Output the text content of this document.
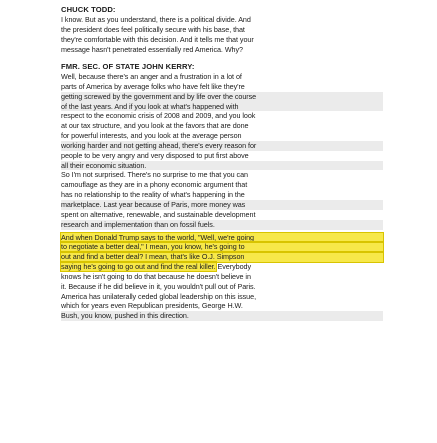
CHUCK TODD:
I know. But as you understand, there is a political divide. And
the president does feel politically secure with his base, that
they're comfortable with this decision. And it tells me that your
message hasn't penetrated essentially red America. Why?
FMR. SEC. OF STATE JOHN KERRY:
Well, because there's an anger and a frustration in a lot of
parts of America by average folks who have felt like they're
getting screwed by the government and by life over the course
of the last years. And if you look at what's happened with
respect to the economic crisis of 2008 and 2009, and you look
at our tax structure, and you look at the favors that are done
for powerful interests, and you look at the average person
working harder and not getting ahead, there's every reason for
people to be very angry and very disposed to put first above
all their economic situation.
So I'm not surprised. There's no surprise to me that you can
camouflage as they are in a phony economic argument that
has no relationship to the reality of what's happening in the
marketplace. Last year because of Paris, more money was
spent on alternative, renewable, and sustainable development
research and implementation than on fossil fuels.
And when Donald Trump says to the world, "Well, we're going
to negotiate a better deal," I mean, you know, he's going to
out and find a better deal? I mean, that's like O.J. Simpson
saying he's going to go out and find the real killer. Everybody
knows he isn't going to do that because he doesn't believe in
it. Because if he did believe in it, you wouldn't pull out of Paris.
America has unilaterally ceded global leadership on this issue,
which for years even Republican presidents, George H.W.
Bush, you know, pushed in this direction.
